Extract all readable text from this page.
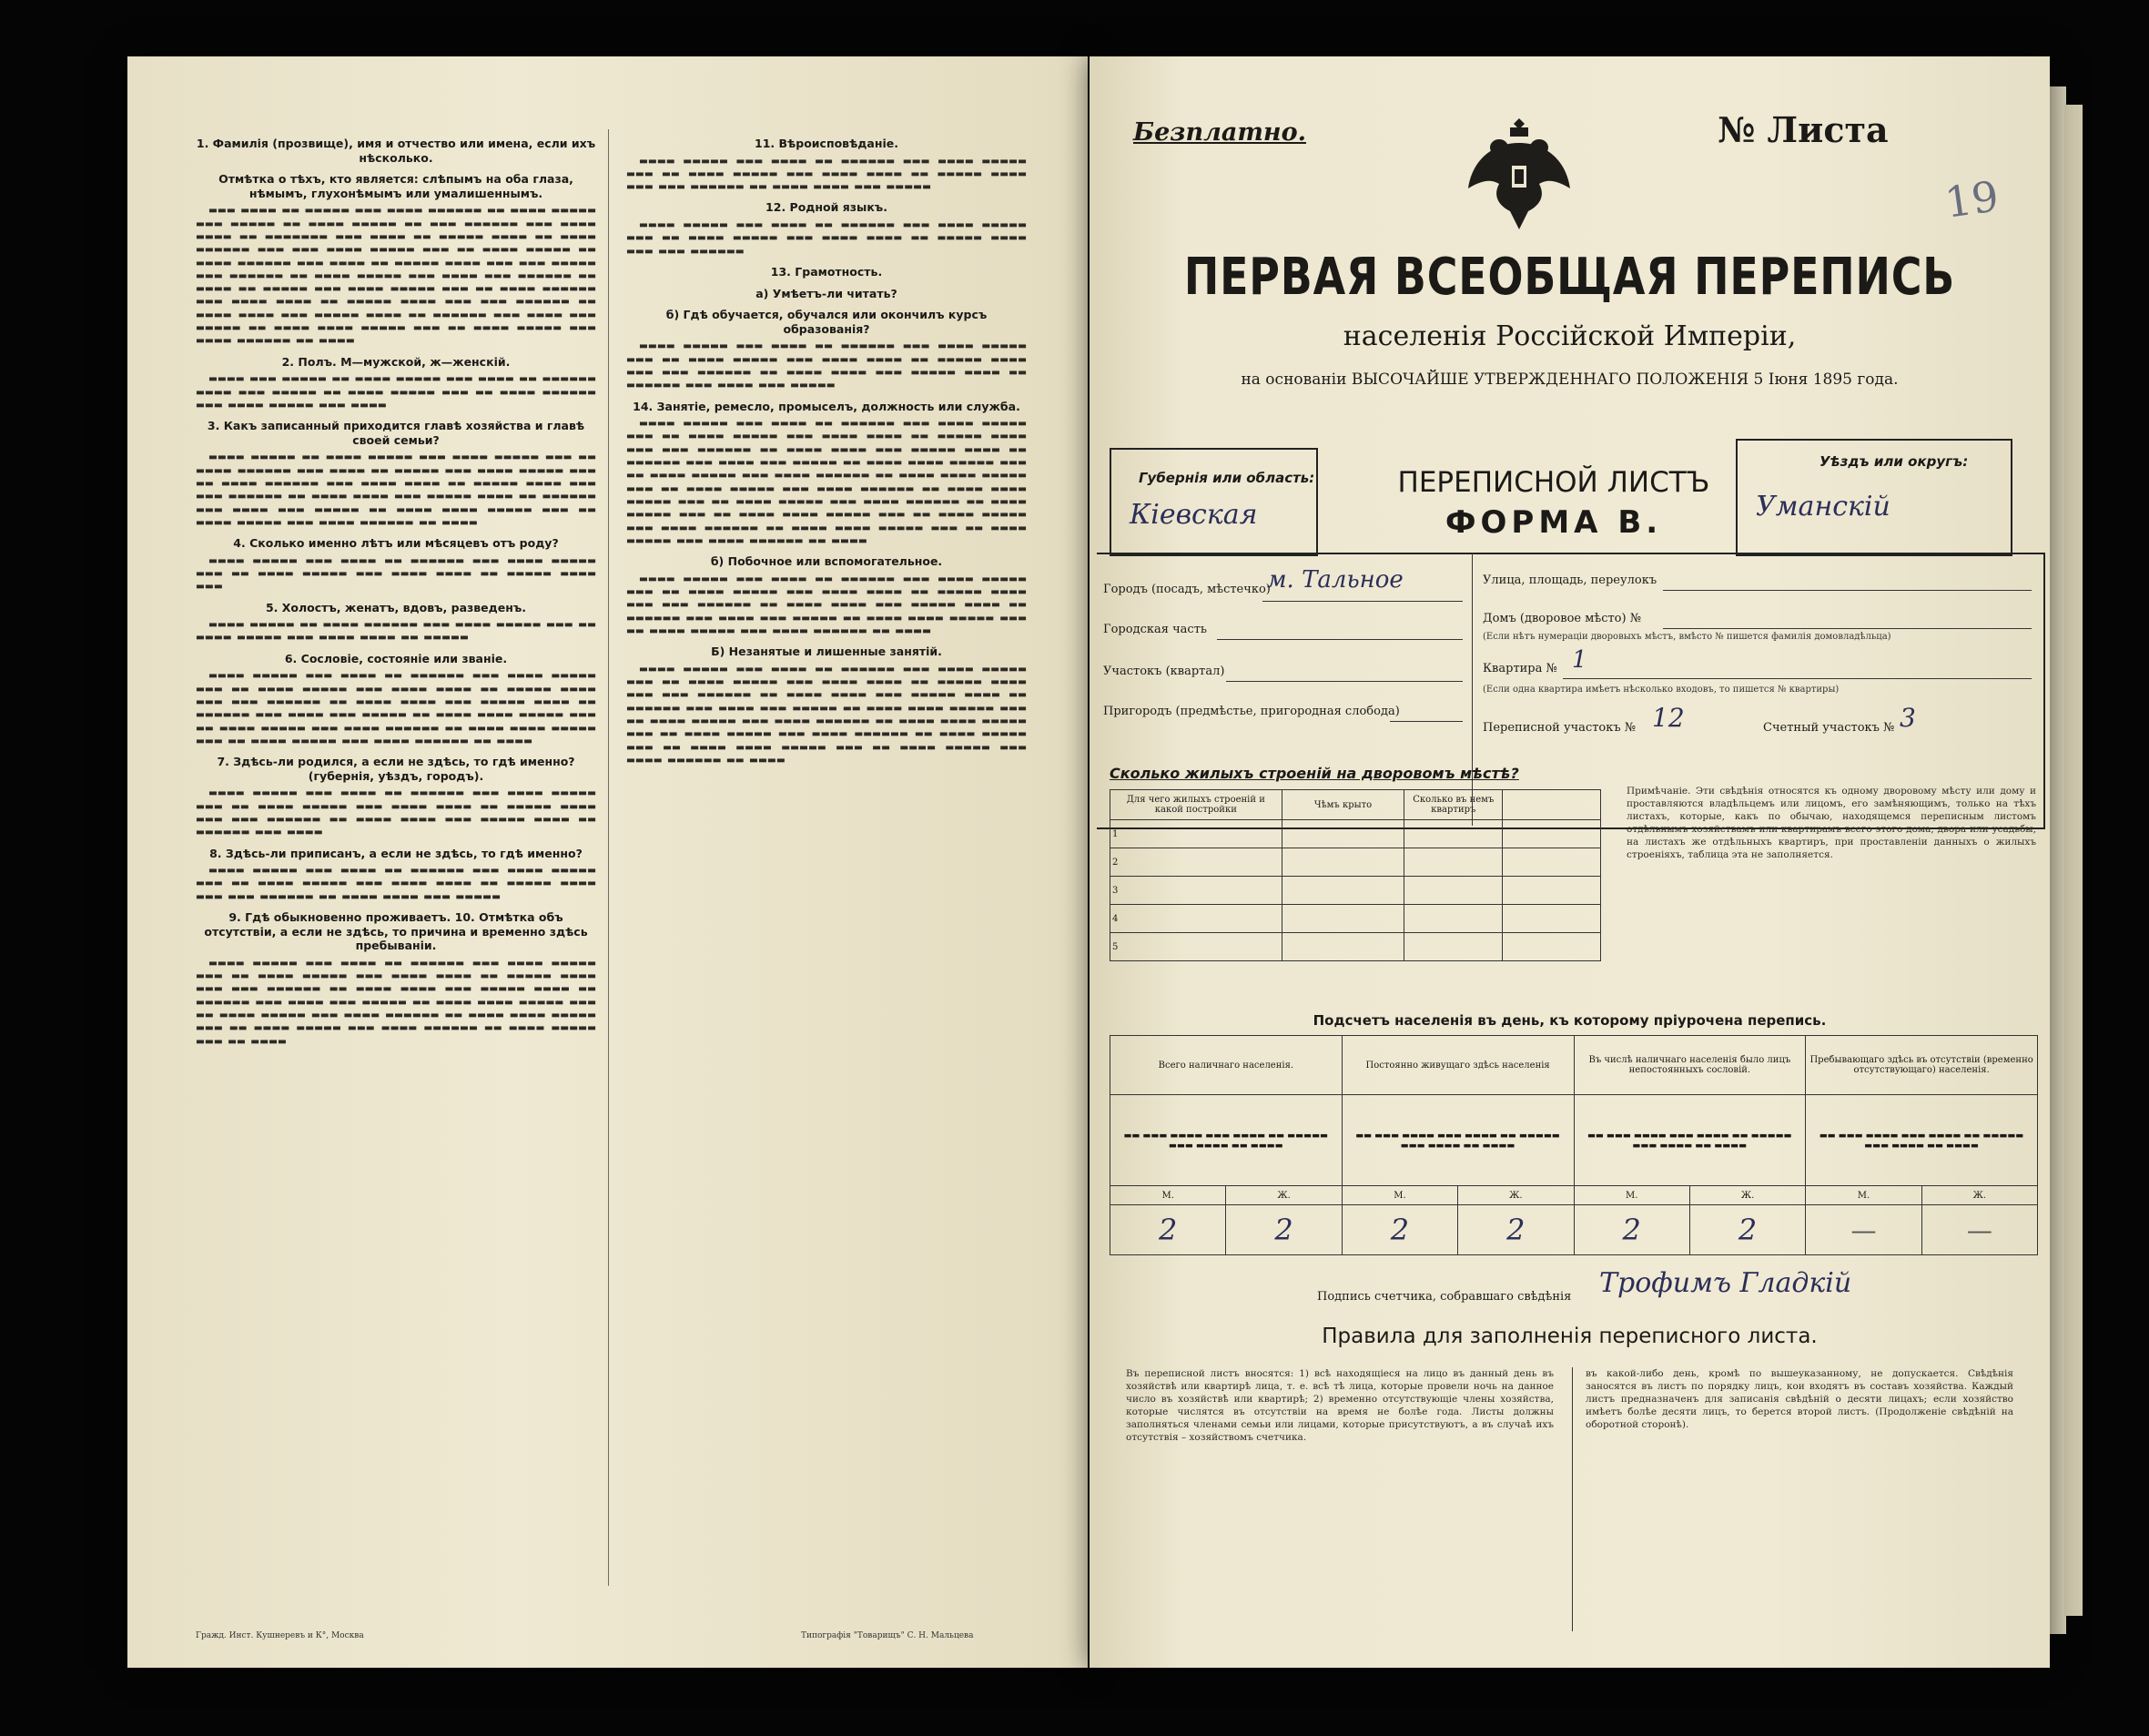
1. Фамилія (прозвище), имя и отчество или имена, если ихъ нѣсколько.
Отмѣтка о тѣхъ, кто является: слѣпымъ на оба глаза, нѣмымъ, глухонѣмымъ или умалишеннымъ.
▬▬▬ ▬▬▬▬ ▬▬ ▬▬▬▬▬ ▬▬▬ ▬▬▬▬ ▬▬▬▬▬▬ ▬▬ ▬▬▬▬ ▬▬▬▬▬ ▬▬▬ ▬▬▬▬▬ ▬▬ ▬▬▬▬ ▬▬▬▬▬ ▬▬ ▬▬▬ ▬▬▬▬▬▬ ▬▬▬ ▬▬▬▬ ▬▬▬▬ ▬▬ ▬▬▬▬▬▬▬ ▬▬▬ ▬▬▬▬ ▬▬ ▬▬▬▬▬ ▬▬▬▬ ▬▬ ▬▬▬▬ ▬▬▬▬▬▬ ▬▬▬ ▬▬▬ ▬▬▬▬ ▬▬▬▬▬ ▬▬▬ ▬▬ ▬▬▬▬ ▬▬▬▬▬ ▬▬ ▬▬▬▬ ▬▬▬▬▬▬ ▬▬▬ ▬▬▬▬ ▬▬ ▬▬▬▬▬ ▬▬▬▬ ▬▬▬ ▬▬▬ ▬▬▬▬▬ ▬▬▬ ▬▬▬▬▬▬ ▬▬ ▬▬▬▬ ▬▬▬▬▬ ▬▬▬ ▬▬▬▬ ▬▬▬ ▬▬▬▬▬▬ ▬▬ ▬▬▬▬ ▬▬ ▬▬▬▬▬ ▬▬▬ ▬▬▬▬ ▬▬▬▬▬ ▬▬▬ ▬▬ ▬▬▬▬ ▬▬▬▬▬▬ ▬▬▬ ▬▬▬▬ ▬▬▬▬ ▬▬ ▬▬▬▬▬ ▬▬▬▬ ▬▬▬ ▬▬▬ ▬▬▬▬▬▬ ▬▬ ▬▬▬▬ ▬▬▬▬ ▬▬▬ ▬▬▬▬▬ ▬▬▬▬ ▬▬ ▬▬▬▬▬▬ ▬▬▬ ▬▬▬▬ ▬▬▬ ▬▬▬▬▬ ▬▬ ▬▬▬▬ ▬▬▬▬ ▬▬▬▬▬ ▬▬▬ ▬▬ ▬▬▬▬ ▬▬▬▬▬ ▬▬▬ ▬▬▬▬ ▬▬▬▬▬▬ ▬▬ ▬▬▬▬
2. Полъ. М—мужской, ж—женскій.
▬▬▬▬ ▬▬▬ ▬▬▬▬▬ ▬▬ ▬▬▬▬ ▬▬▬▬▬ ▬▬▬ ▬▬▬▬ ▬▬ ▬▬▬▬▬▬ ▬▬▬▬ ▬▬▬ ▬▬▬▬▬ ▬▬ ▬▬▬▬ ▬▬▬▬▬ ▬▬▬ ▬▬ ▬▬▬▬ ▬▬▬▬▬▬ ▬▬▬ ▬▬▬▬ ▬▬▬▬▬ ▬▬▬ ▬▬▬▬
3. Какъ записанный приходится главѣ хозяйства и главѣ своей семьи?
▬▬▬▬ ▬▬▬▬▬ ▬▬ ▬▬▬▬ ▬▬▬▬▬ ▬▬▬ ▬▬▬▬ ▬▬▬▬▬ ▬▬▬ ▬▬ ▬▬▬▬ ▬▬▬▬▬▬ ▬▬▬ ▬▬▬▬ ▬▬ ▬▬▬▬▬ ▬▬▬ ▬▬▬▬ ▬▬▬▬▬ ▬▬▬ ▬▬ ▬▬▬▬ ▬▬▬▬▬▬ ▬▬▬ ▬▬▬▬ ▬▬▬▬ ▬▬ ▬▬▬▬▬ ▬▬▬▬ ▬▬▬ ▬▬▬ ▬▬▬▬▬▬ ▬▬ ▬▬▬▬ ▬▬▬▬ ▬▬▬ ▬▬▬▬▬ ▬▬▬▬ ▬▬ ▬▬▬▬▬▬ ▬▬▬ ▬▬▬▬ ▬▬▬ ▬▬▬▬▬ ▬▬ ▬▬▬▬ ▬▬▬▬ ▬▬▬▬▬ ▬▬▬ ▬▬ ▬▬▬▬ ▬▬▬▬▬ ▬▬▬ ▬▬▬▬ ▬▬▬▬▬▬ ▬▬ ▬▬▬▬
4. Сколько именно лѣтъ или мѣсяцевъ отъ роду?
▬▬▬▬ ▬▬▬▬▬ ▬▬▬ ▬▬▬▬ ▬▬ ▬▬▬▬▬▬ ▬▬▬ ▬▬▬▬ ▬▬▬▬▬ ▬▬▬ ▬▬ ▬▬▬▬ ▬▬▬▬▬ ▬▬▬ ▬▬▬▬ ▬▬▬▬ ▬▬ ▬▬▬▬▬ ▬▬▬▬ ▬▬▬
5. Холостъ, женатъ, вдовъ, разведенъ.
▬▬▬▬ ▬▬▬▬▬ ▬▬ ▬▬▬▬ ▬▬▬▬▬▬ ▬▬▬ ▬▬▬▬ ▬▬▬▬▬ ▬▬▬ ▬▬ ▬▬▬▬ ▬▬▬▬▬ ▬▬▬ ▬▬▬▬ ▬▬▬▬ ▬▬ ▬▬▬▬▬
6. Сословіе, состояніе или званіе.
▬▬▬▬ ▬▬▬▬▬ ▬▬▬ ▬▬▬▬ ▬▬ ▬▬▬▬▬▬ ▬▬▬ ▬▬▬▬ ▬▬▬▬▬ ▬▬▬ ▬▬ ▬▬▬▬ ▬▬▬▬▬ ▬▬▬ ▬▬▬▬ ▬▬▬▬ ▬▬ ▬▬▬▬▬ ▬▬▬▬ ▬▬▬ ▬▬▬ ▬▬▬▬▬▬ ▬▬ ▬▬▬▬ ▬▬▬▬ ▬▬▬ ▬▬▬▬▬ ▬▬▬▬ ▬▬ ▬▬▬▬▬▬ ▬▬▬ ▬▬▬▬ ▬▬▬ ▬▬▬▬▬ ▬▬ ▬▬▬▬ ▬▬▬▬ ▬▬▬▬▬ ▬▬▬ ▬▬ ▬▬▬▬ ▬▬▬▬▬ ▬▬▬ ▬▬▬▬ ▬▬▬▬▬▬ ▬▬ ▬▬▬▬ ▬▬▬▬ ▬▬▬▬▬ ▬▬▬ ▬▬ ▬▬▬▬ ▬▬▬▬▬ ▬▬▬ ▬▬▬▬ ▬▬▬▬▬▬ ▬▬ ▬▬▬▬
7. Здѣсь-ли родился, а если не здѣсь, то гдѣ именно? (губернія, уѣздъ, городъ).
▬▬▬▬ ▬▬▬▬▬ ▬▬▬ ▬▬▬▬ ▬▬ ▬▬▬▬▬▬ ▬▬▬ ▬▬▬▬ ▬▬▬▬▬ ▬▬▬ ▬▬ ▬▬▬▬ ▬▬▬▬▬ ▬▬▬ ▬▬▬▬ ▬▬▬▬ ▬▬ ▬▬▬▬▬ ▬▬▬▬ ▬▬▬ ▬▬▬ ▬▬▬▬▬▬ ▬▬ ▬▬▬▬ ▬▬▬▬ ▬▬▬ ▬▬▬▬▬ ▬▬▬▬ ▬▬ ▬▬▬▬▬▬ ▬▬▬ ▬▬▬▬
8. Здѣсь-ли приписанъ, а если не здѣсь, то гдѣ именно?
▬▬▬▬ ▬▬▬▬▬ ▬▬▬ ▬▬▬▬ ▬▬ ▬▬▬▬▬▬ ▬▬▬ ▬▬▬▬ ▬▬▬▬▬ ▬▬▬ ▬▬ ▬▬▬▬ ▬▬▬▬▬ ▬▬▬ ▬▬▬▬ ▬▬▬▬ ▬▬ ▬▬▬▬▬ ▬▬▬▬ ▬▬▬ ▬▬▬ ▬▬▬▬▬▬ ▬▬ ▬▬▬▬ ▬▬▬▬ ▬▬▬ ▬▬▬▬▬
9. Гдѣ обыкновенно проживаетъ. 10. Отмѣтка объ отсутствіи, а если не здѣсь, то причина и временно здѣсь пребываніи.
▬▬▬▬ ▬▬▬▬▬ ▬▬▬ ▬▬▬▬ ▬▬ ▬▬▬▬▬▬ ▬▬▬ ▬▬▬▬ ▬▬▬▬▬ ▬▬▬ ▬▬ ▬▬▬▬ ▬▬▬▬▬ ▬▬▬ ▬▬▬▬ ▬▬▬▬ ▬▬ ▬▬▬▬▬ ▬▬▬▬ ▬▬▬ ▬▬▬ ▬▬▬▬▬▬ ▬▬ ▬▬▬▬ ▬▬▬▬ ▬▬▬ ▬▬▬▬▬ ▬▬▬▬ ▬▬ ▬▬▬▬▬▬ ▬▬▬ ▬▬▬▬ ▬▬▬ ▬▬▬▬▬ ▬▬ ▬▬▬▬ ▬▬▬▬ ▬▬▬▬▬ ▬▬▬ ▬▬ ▬▬▬▬ ▬▬▬▬▬ ▬▬▬ ▬▬▬▬ ▬▬▬▬▬▬ ▬▬ ▬▬▬▬ ▬▬▬▬ ▬▬▬▬▬ ▬▬▬ ▬▬ ▬▬▬▬ ▬▬▬▬▬ ▬▬▬ ▬▬▬▬ ▬▬▬▬▬▬ ▬▬ ▬▬▬▬ ▬▬▬▬▬ ▬▬▬ ▬▬ ▬▬▬▬
11. Вѣроисповѣданіе.
▬▬▬▬ ▬▬▬▬▬ ▬▬▬ ▬▬▬▬ ▬▬ ▬▬▬▬▬▬ ▬▬▬ ▬▬▬▬ ▬▬▬▬▬ ▬▬▬ ▬▬ ▬▬▬▬ ▬▬▬▬▬ ▬▬▬ ▬▬▬▬ ▬▬▬▬ ▬▬ ▬▬▬▬▬ ▬▬▬▬ ▬▬▬ ▬▬▬ ▬▬▬▬▬▬ ▬▬ ▬▬▬▬ ▬▬▬▬ ▬▬▬ ▬▬▬▬▬
12. Родной языкъ.
▬▬▬▬ ▬▬▬▬▬ ▬▬▬ ▬▬▬▬ ▬▬ ▬▬▬▬▬▬ ▬▬▬ ▬▬▬▬ ▬▬▬▬▬ ▬▬▬ ▬▬ ▬▬▬▬ ▬▬▬▬▬ ▬▬▬ ▬▬▬▬ ▬▬▬▬ ▬▬ ▬▬▬▬▬ ▬▬▬▬ ▬▬▬ ▬▬▬ ▬▬▬▬▬▬
13. Грамотность.
а) Умѣетъ-ли читать?
б) Гдѣ обучается, обучался или окончилъ курсъ образованія?
▬▬▬▬ ▬▬▬▬▬ ▬▬▬ ▬▬▬▬ ▬▬ ▬▬▬▬▬▬ ▬▬▬ ▬▬▬▬ ▬▬▬▬▬ ▬▬▬ ▬▬ ▬▬▬▬ ▬▬▬▬▬ ▬▬▬ ▬▬▬▬ ▬▬▬▬ ▬▬ ▬▬▬▬▬ ▬▬▬▬ ▬▬▬ ▬▬▬ ▬▬▬▬▬▬ ▬▬ ▬▬▬▬ ▬▬▬▬ ▬▬▬ ▬▬▬▬▬ ▬▬▬▬ ▬▬ ▬▬▬▬▬▬ ▬▬▬ ▬▬▬▬ ▬▬▬ ▬▬▬▬▬
14. Занятіе, ремесло, промыселъ, должность или служба.
▬▬▬▬ ▬▬▬▬▬ ▬▬▬ ▬▬▬▬ ▬▬ ▬▬▬▬▬▬ ▬▬▬ ▬▬▬▬ ▬▬▬▬▬ ▬▬▬ ▬▬ ▬▬▬▬ ▬▬▬▬▬ ▬▬▬ ▬▬▬▬ ▬▬▬▬ ▬▬ ▬▬▬▬▬ ▬▬▬▬ ▬▬▬ ▬▬▬ ▬▬▬▬▬▬ ▬▬ ▬▬▬▬ ▬▬▬▬ ▬▬▬ ▬▬▬▬▬ ▬▬▬▬ ▬▬ ▬▬▬▬▬▬ ▬▬▬ ▬▬▬▬ ▬▬▬ ▬▬▬▬▬ ▬▬ ▬▬▬▬ ▬▬▬▬ ▬▬▬▬▬ ▬▬▬ ▬▬ ▬▬▬▬ ▬▬▬▬▬ ▬▬▬ ▬▬▬▬ ▬▬▬▬▬▬ ▬▬ ▬▬▬▬ ▬▬▬▬ ▬▬▬▬▬ ▬▬▬ ▬▬ ▬▬▬▬ ▬▬▬▬▬ ▬▬▬ ▬▬▬▬ ▬▬▬▬▬▬ ▬▬ ▬▬▬▬ ▬▬▬▬ ▬▬▬▬▬ ▬▬▬ ▬▬ ▬▬▬▬ ▬▬▬▬▬ ▬▬▬ ▬▬▬▬ ▬▬▬▬▬▬ ▬▬ ▬▬▬▬ ▬▬▬▬▬ ▬▬▬ ▬▬ ▬▬▬▬ ▬▬▬▬ ▬▬▬▬▬ ▬▬▬ ▬▬ ▬▬▬▬ ▬▬▬▬▬ ▬▬▬ ▬▬▬▬ ▬▬▬▬▬▬ ▬▬ ▬▬▬▬ ▬▬▬▬ ▬▬▬▬▬ ▬▬▬ ▬▬ ▬▬▬▬ ▬▬▬▬▬ ▬▬▬ ▬▬▬▬ ▬▬▬▬▬▬ ▬▬ ▬▬▬▬
б) Побочное или вспомогательное.
▬▬▬▬ ▬▬▬▬▬ ▬▬▬ ▬▬▬▬ ▬▬ ▬▬▬▬▬▬ ▬▬▬ ▬▬▬▬ ▬▬▬▬▬ ▬▬▬ ▬▬ ▬▬▬▬ ▬▬▬▬▬ ▬▬▬ ▬▬▬▬ ▬▬▬▬ ▬▬ ▬▬▬▬▬ ▬▬▬▬ ▬▬▬ ▬▬▬ ▬▬▬▬▬▬ ▬▬ ▬▬▬▬ ▬▬▬▬ ▬▬▬ ▬▬▬▬▬ ▬▬▬▬ ▬▬ ▬▬▬▬▬▬ ▬▬▬ ▬▬▬▬ ▬▬▬ ▬▬▬▬▬ ▬▬ ▬▬▬▬ ▬▬▬▬ ▬▬▬▬▬ ▬▬▬ ▬▬ ▬▬▬▬ ▬▬▬▬▬ ▬▬▬ ▬▬▬▬ ▬▬▬▬▬▬ ▬▬ ▬▬▬▬
Б) Незанятые и лишенные занятій.
▬▬▬▬ ▬▬▬▬▬ ▬▬▬ ▬▬▬▬ ▬▬ ▬▬▬▬▬▬ ▬▬▬ ▬▬▬▬ ▬▬▬▬▬ ▬▬▬ ▬▬ ▬▬▬▬ ▬▬▬▬▬ ▬▬▬ ▬▬▬▬ ▬▬▬▬ ▬▬ ▬▬▬▬▬ ▬▬▬▬ ▬▬▬ ▬▬▬ ▬▬▬▬▬▬ ▬▬ ▬▬▬▬ ▬▬▬▬ ▬▬▬ ▬▬▬▬▬ ▬▬▬▬ ▬▬ ▬▬▬▬▬▬ ▬▬▬ ▬▬▬▬ ▬▬▬ ▬▬▬▬▬ ▬▬ ▬▬▬▬ ▬▬▬▬ ▬▬▬▬▬ ▬▬▬ ▬▬ ▬▬▬▬ ▬▬▬▬▬ ▬▬▬ ▬▬▬▬ ▬▬▬▬▬▬ ▬▬ ▬▬▬▬ ▬▬▬▬ ▬▬▬▬▬ ▬▬▬ ▬▬ ▬▬▬▬ ▬▬▬▬▬ ▬▬▬ ▬▬▬▬ ▬▬▬▬▬▬ ▬▬ ▬▬▬▬ ▬▬▬▬▬ ▬▬▬ ▬▬ ▬▬▬▬ ▬▬▬▬ ▬▬▬▬▬ ▬▬▬ ▬▬ ▬▬▬▬ ▬▬▬▬▬ ▬▬▬ ▬▬▬▬ ▬▬▬▬▬▬ ▬▬ ▬▬▬▬
Гражд. Инст. Кушнеревъ и К°, Москва	Типографія "Товарищъ" С. Н. Мальцева
Безплатно.	№ Листа
19
ПЕРВАЯ ВСЕОБЩАЯ ПЕРЕПИСЬ
населенія Россійской Имперіи,
на основаніи ВЫСОЧАЙШЕ УТВЕРЖДЕННАГО ПОЛОЖЕНІЯ 5 Іюня 1895 года.
Губернія или область:
Кіевская
ПЕРЕПИСНОЙ ЛИСТЪ
ФОРМА В.
Уѣздъ или округъ:
Уманскій
Городъ (посадъ, мѣстечко)
м. Тальное
Городская часть
Участокъ (квартал)
Пригородъ (предмѣстье, пригородная слобода)
Улица, площадь, переулокъ
Домъ (дворовое мѣсто) №
(Если нѣтъ нумерацiи дворовыхъ мѣстъ, вмѣсто № пишется фамилія домовладѣльца)
Квартира № 1
(Если одна квартира имѣетъ нѣсколько входовъ, то пишется № квартиры)
Переписной участокъ № 12	Счетный участокъ № 3
Сколько жилыхъ строеній на дворовомъ мѣстѣ?
Для чего жилыхъ строеній и какой постройки	Чѣмъ крыто	Сколько въ немъ квартиръ	
1			
2			
3			
4			
5			
Примѣчаніе. Эти свѣдѣнія относятся къ одному дворовому мѣсту или дому и проставляются владѣльцемъ или лицомъ, его замѣняющимъ, только на тѣхъ листахъ, которые, какъ по обычаю, находящемся переписным листомъ отдѣльнымъ хозяйствамъ или квартирамъ всего этого дома, двора или усадьбы, на листахъ же отдѣльныхъ квартиръ, при проставленіи данныхъ о жилыхъ строеніяхъ, таблица эта не заполняется.
Подсчетъ населенія въ день, къ которому пріурочена перепись.
Всего наличнаго населенія.		Постоянно живущаго здѣсь населенія		Въ числѣ наличнаго населенія было лицъ непостоянныхъ сословій.		Пребывающаго здѣсь въ отсутствіи (временно отсутствующаго) населенія.	
▬▬ ▬▬▬ ▬▬▬▬ ▬▬▬ ▬▬▬▬ ▬▬ ▬▬▬▬▬ ▬▬▬ ▬▬▬▬ ▬▬ ▬▬▬▬		▬▬ ▬▬▬ ▬▬▬▬ ▬▬▬ ▬▬▬▬ ▬▬ ▬▬▬▬▬ ▬▬▬ ▬▬▬▬ ▬▬ ▬▬▬▬		▬▬ ▬▬▬ ▬▬▬▬ ▬▬▬ ▬▬▬▬ ▬▬ ▬▬▬▬▬ ▬▬▬ ▬▬▬▬ ▬▬ ▬▬▬▬		▬▬ ▬▬▬ ▬▬▬▬ ▬▬▬ ▬▬▬▬ ▬▬ ▬▬▬▬▬ ▬▬▬ ▬▬▬▬ ▬▬ ▬▬▬▬	
М.	Ж.	М.	Ж.	М.	Ж.	М.	Ж.
2	2	2	2	2	2	—	—
Подпись счетчика, собравшаго свѣдѣнія Трофимъ Гладкій
Правила для заполненія переписного листа.
Въ переписной листъ вносятся: 1) всѣ находящіеся на лицо въ данный день въ хозяйствѣ или квартирѣ лица, т. е. всѣ тѣ лица, которые провели ночь на данное число въ хозяйствѣ или квартирѣ; 2) временно отсутствующіе члены хозяйства, которые числятся въ отсутствіи на время не болѣе года. Листы должны заполняться членами семьи или лицами, которые присутствуютъ, а въ случаѣ ихъ отсутствія – хозяйствомъ счетчика.
въ какой-либо день, кромѣ по вышеуказанному, не допускается. Свѣдѣнія заносятся въ листъ по порядку лицъ, кои входятъ въ составъ хозяйства. Каждый листъ предназначенъ для записанія свѣдѣній о десяти лицахъ; если хозяйство имѣетъ болѣе десяти лицъ, то берется второй листъ. (Продолженіе свѣдѣній на оборотной сторонѣ).
